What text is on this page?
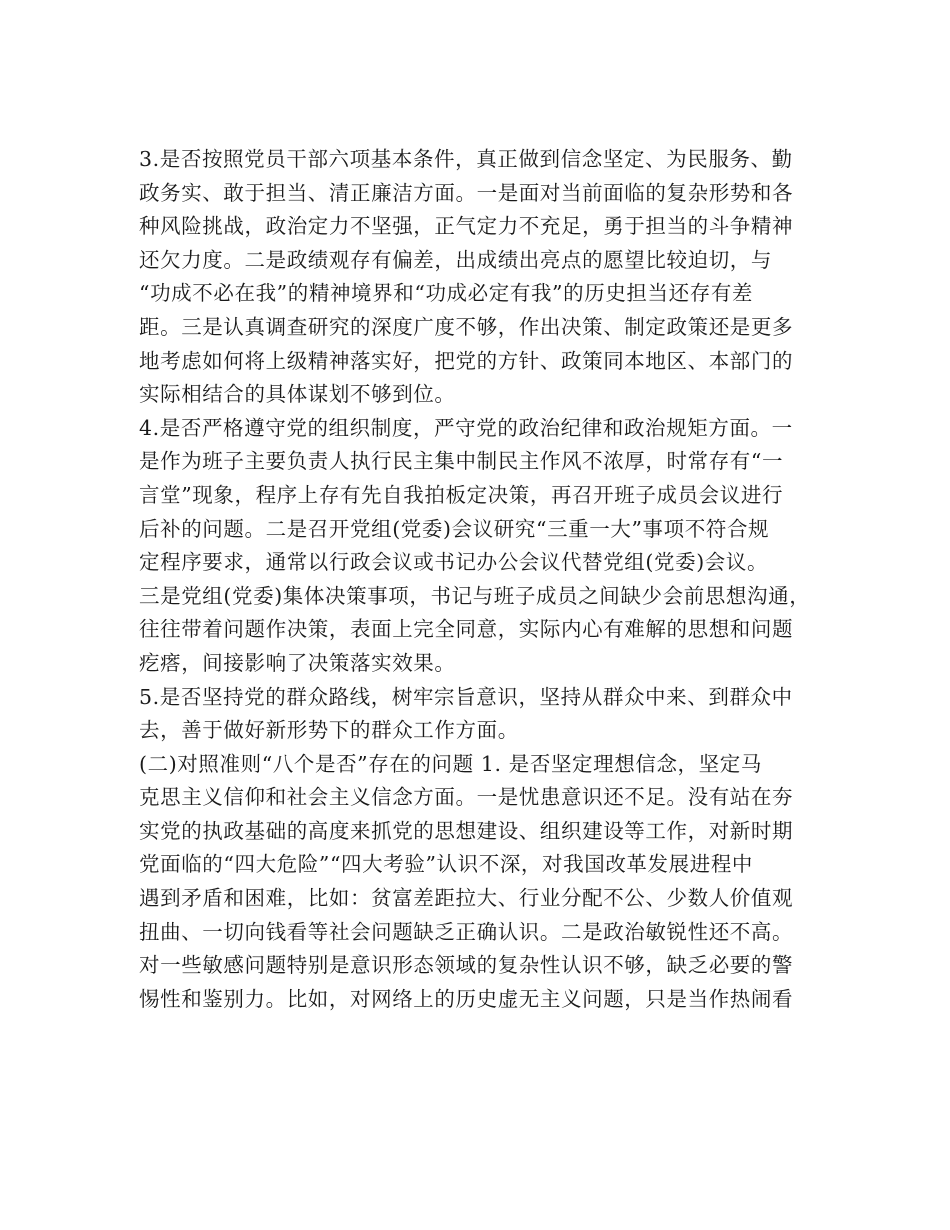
3.是否按照党员干部六项基本条件，真正做到信念坚定、为民服务、勤
政务实、敢于担当、清正廉洁方面。一是面对当前面临的复杂形势和各
种风险挑战，政治定力不坚强，正气定力不充足，勇于担当的斗争精神
还欠力度。二是政绩观存有偏差，出成绩出亮点的愿望比较迫切，与
“功成不必在我”的精神境界和“功成必定有我”的历史担当还存有差
距。三是认真调查研究的深度广度不够，作出决策、制定政策还是更多
地考虑如何将上级精神落实好，把党的方针、政策同本地区、本部门的
实际相结合的具体谋划不够到位。
4.是否严格遵守党的组织制度，严守党的政治纪律和政治规矩方面。一
是作为班子主要负责人执行民主集中制民主作风不浓厚，时常存有“一
言堂”现象，程序上存有先自我拍板定决策，再召开班子成员会议进行
后补的问题。二是召开党组(党委)会议研究“三重一大”事项不符合规
定程序要求，通常以行政会议或书记办公会议代替党组(党委)会议。
三是党组(党委)集体决策事项，书记与班子成员之间缺少会前思想沟通，
往往带着问题作决策，表面上完全同意，实际内心有难解的思想和问题
疙瘩，间接影响了决策落实效果。
5.是否坚持党的群众路线，树牢宗旨意识，坚持从群众中来、到群众中
去，善于做好新形势下的群众工作方面。
(二)对照准则“八个是否”存在的问题 1. 是否坚定理想信念，坚定马
克思主义信仰和社会主义信念方面。一是忧患意识还不足。没有站在夯
实党的执政基础的高度来抓党的思想建设、组织建设等工作，对新时期
党面临的“四大危险”“四大考验”认识不深，对我国改革发展进程中
遇到矛盾和困难，比如：贫富差距拉大、行业分配不公、少数人价值观
扭曲、一切向钱看等社会问题缺乏正确认识。二是政治敏锐性还不高。
对一些敏感问题特别是意识形态领域的复杂性认识不够，缺乏必要的警
惕性和鉴别力。比如，对网络上的历史虚无主义问题，只是当作热闹看
